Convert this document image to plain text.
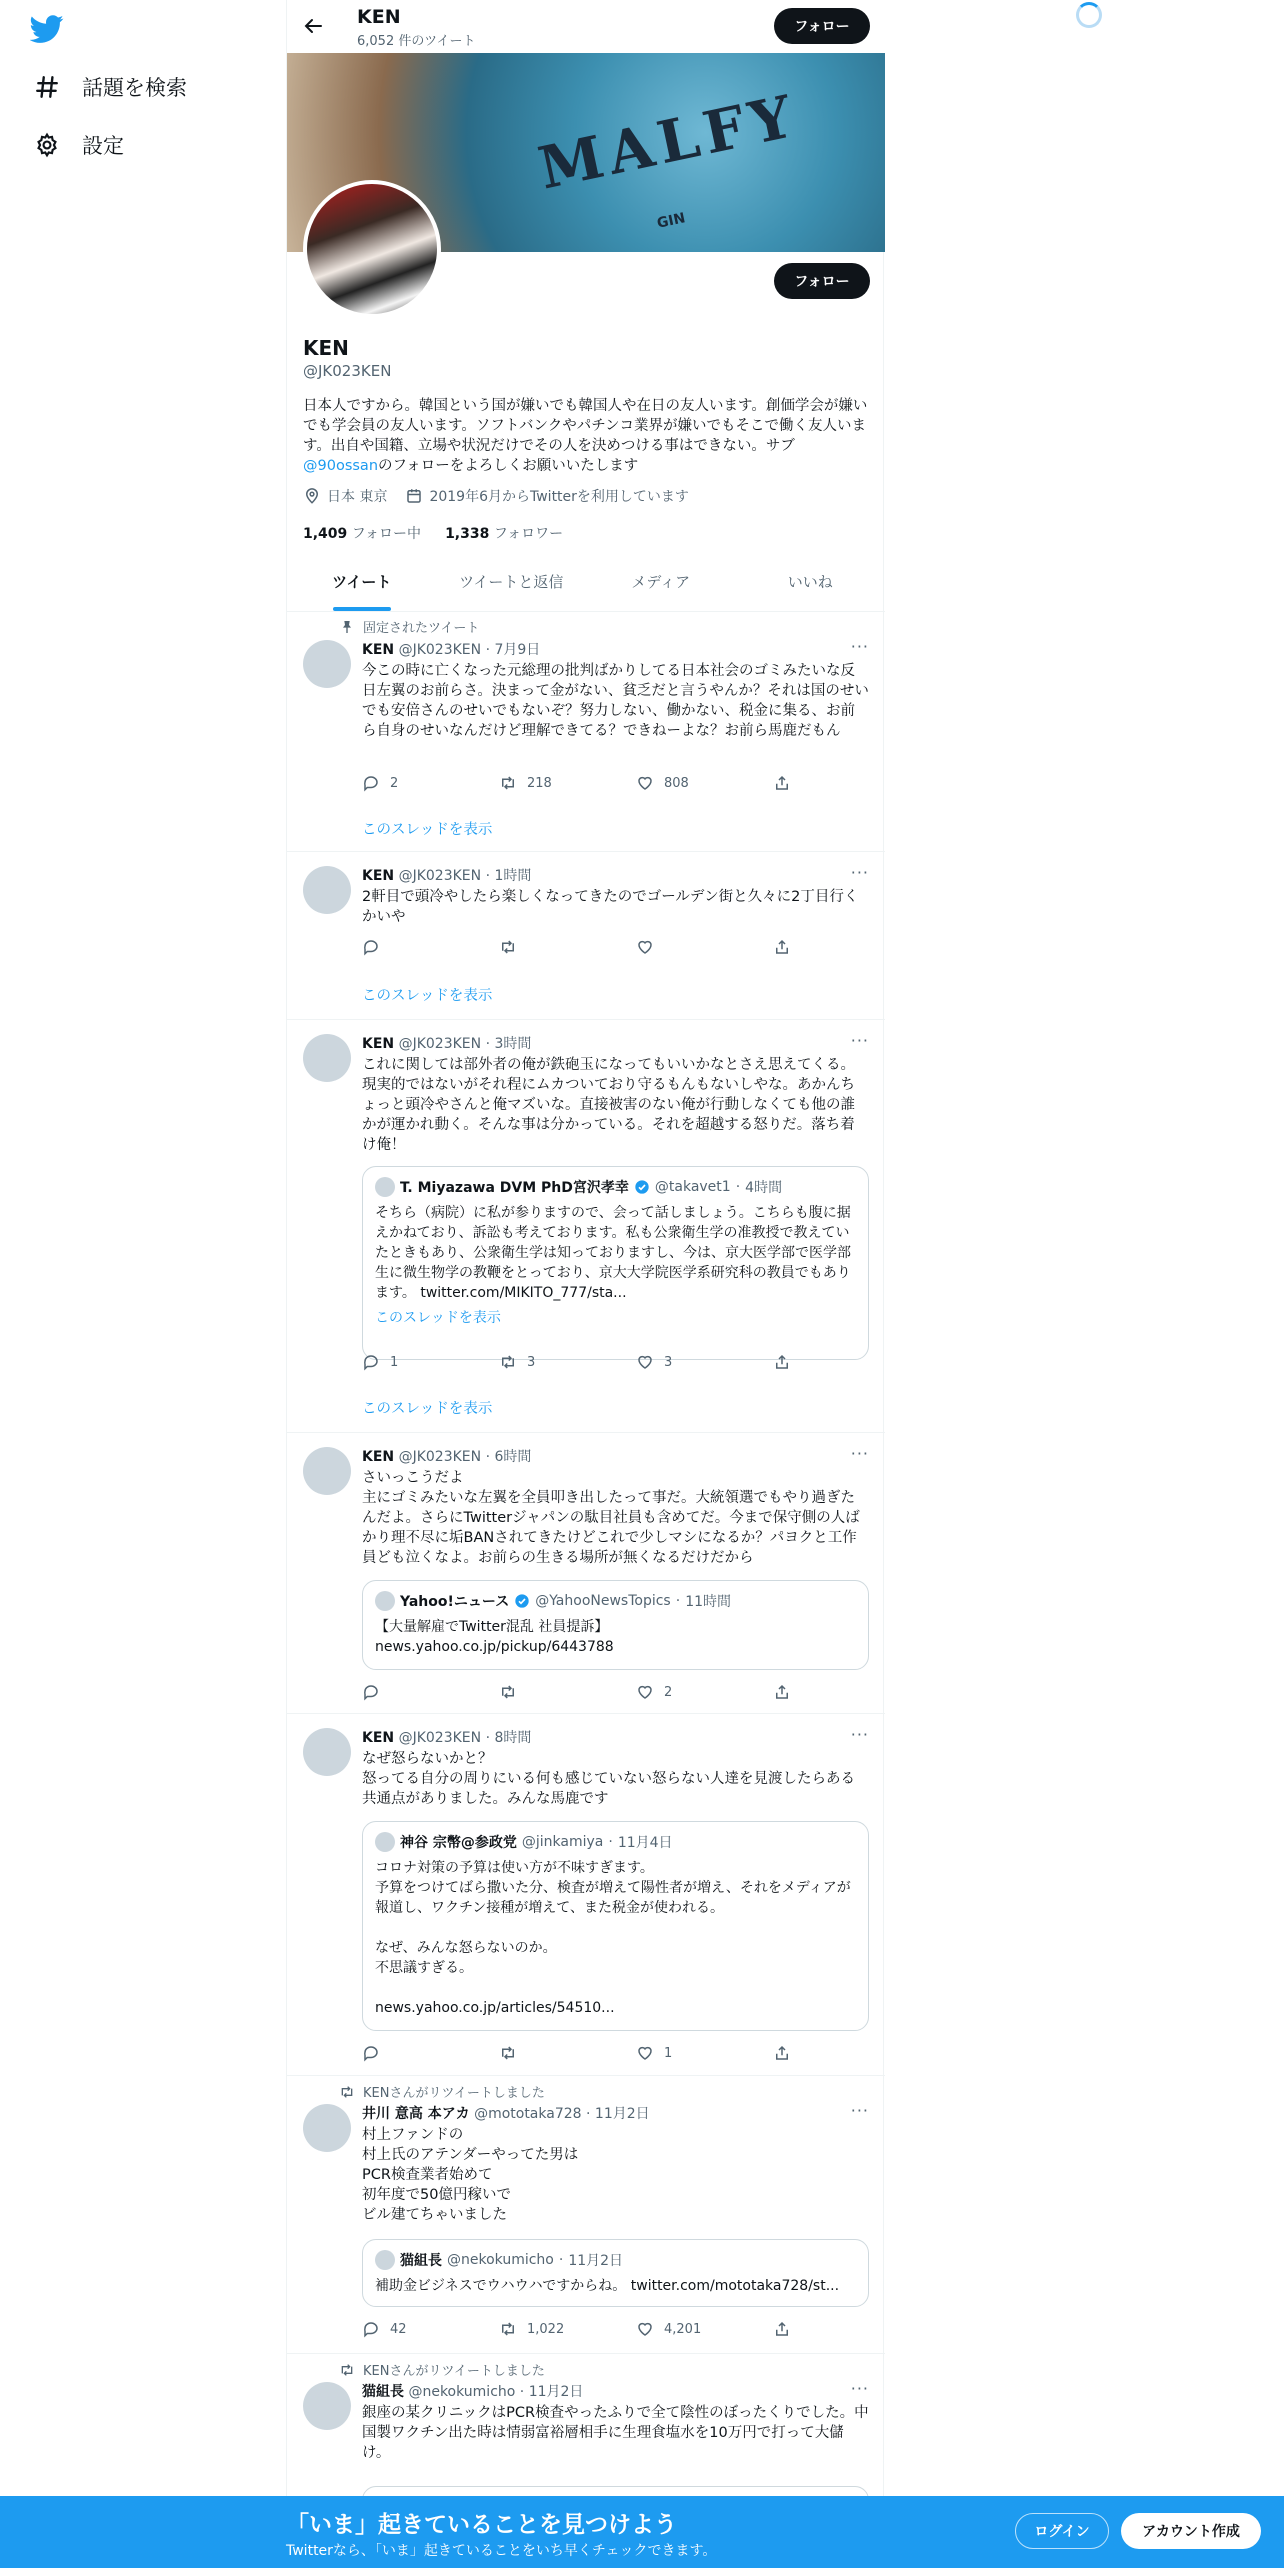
話題を検索
設定
KEN
6,052 件のツイート
フォロー
MALFY
GIN
フォロー
KEN
@JK023KEN
日本人ですから。韓国という国が嫌いでも韓国人や在日の友人います。創価学会が嫌いでも学会員の友人います。ソフトバンクやパチンコ業界が嫌いでもそこで働く友人います。出自や国籍、立場や状況だけでその人を決めつける事はできない。サブ@90ossanのフォローをよろしくお願いいたします
日本 東京	2019年6月からTwitterを利用しています
1,409 フォロー中 1,338 フォロワー
ツイート	ツイートと返信	メディア	いいね
固定されたツイート
KEN @JK023KEN · 7月9日	···
今この時に亡くなった元総理の批判ばかりしてる日本社会のゴミみたいな反日左翼のお前らさ。決まって金がない、貧乏だと言うやんか？それは国のせいでも安倍さんのせいでもないぞ？努力しない、働かない、税金に集る、お前ら自身のせいなんだけど理解できてる？できねーよな？お前ら馬鹿だもん
2	218	808
このスレッドを表示
KEN @JK023KEN · 1時間	···
2軒目で頭冷やしたら楽しくなってきたのでゴールデン街と久々に2丁目行くかいや
このスレッドを表示
KEN @JK023KEN · 3時間	···
これに関しては部外者の俺が鉄砲玉になってもいいかなとさえ思えてくる。現実的ではないがそれ程にムカついており守るもんもないしやな。あかんちょっと頭冷やさんと俺マズいな。直接被害のない俺が行動しなくても他の誰かが運かれ動く。そんな事は分かっている。それを超越する怒りだ。落ち着け俺！
T. Miyazawa DVM PhD宮沢孝幸 @takavet1 · 4時間
そちら（病院）に私が参りますので、会って話しましょう。こちらも腹に据えかねており、訴訟も考えております。私も公衆衛生学の准教授で教えていたときもあり、公衆衛生学は知っておりますし、今は、京大医学部で医学部生に微生物学の教鞭をとっており、京大大学院医学系研究科の教員でもあります。 twitter.com/MIKITO_777/sta...
このスレッドを表示
1	3	3
このスレッドを表示
KEN @JK023KEN · 6時間	···
さいっこうだよ
主にゴミみたいな左翼を全員叩き出したって事だ。大統領選でもやり過ぎたんだよ。さらにTwitterジャパンの駄目社員も含めてだ。今まで保守側の人ばかり理不尽に垢BANされてきたけどこれで少しマシになるか？パヨクと工作員ども泣くなよ。お前らの生きる場所が無くなるだけだから
Yahoo!ニュース @YahooNewsTopics · 11時間
【大量解雇でTwitter混乱 社員提訴】
news.yahoo.co.jp/pickup/6443788
2
KEN @JK023KEN · 8時間	···
なぜ怒らないかと？
怒ってる自分の周りにいる何も感じていない怒らない人達を見渡したらある共通点がありました。みんな馬鹿です
神谷 宗幣@参政党 @jinkamiya · 11月4日
コロナ対策の予算は使い方が不味すぎます。
予算をつけてばら撒いた分、検査が増えて陽性者が増え、それをメディアが報道し、ワクチン接種が増えて、また税金が使われる。

なぜ、みんな怒らないのか。
不思議すぎる。

news.yahoo.co.jp/articles/54510...
1
KENさんがリツイートしました
井川 意高 本アカ @mototaka728 · 11月2日	···
村上ファンドの
村上氏のアテンダーやってた男は
PCR検査業者始めて
初年度で50億円稼いで
ビル建てちゃいました
猫組長 @nekokumicho · 11月2日
補助金ビジネスでウハウハですからね。 twitter.com/mototaka728/st...
42	1,022	4,201
KENさんがリツイートしました
猫組長 @nekokumicho · 11月2日	···
銀座の某クリニックはPCR検査やったふりで全て陰性のぼったくりでした。中国製ワクチン出た時は情弱富裕層相手に生理食塩水を10万円で打って大儲け。
「いま」起きていることを見つけよう
Twitterなら、「いま」起きていることをいち早くチェックできます。
ログイン	アカウント作成
